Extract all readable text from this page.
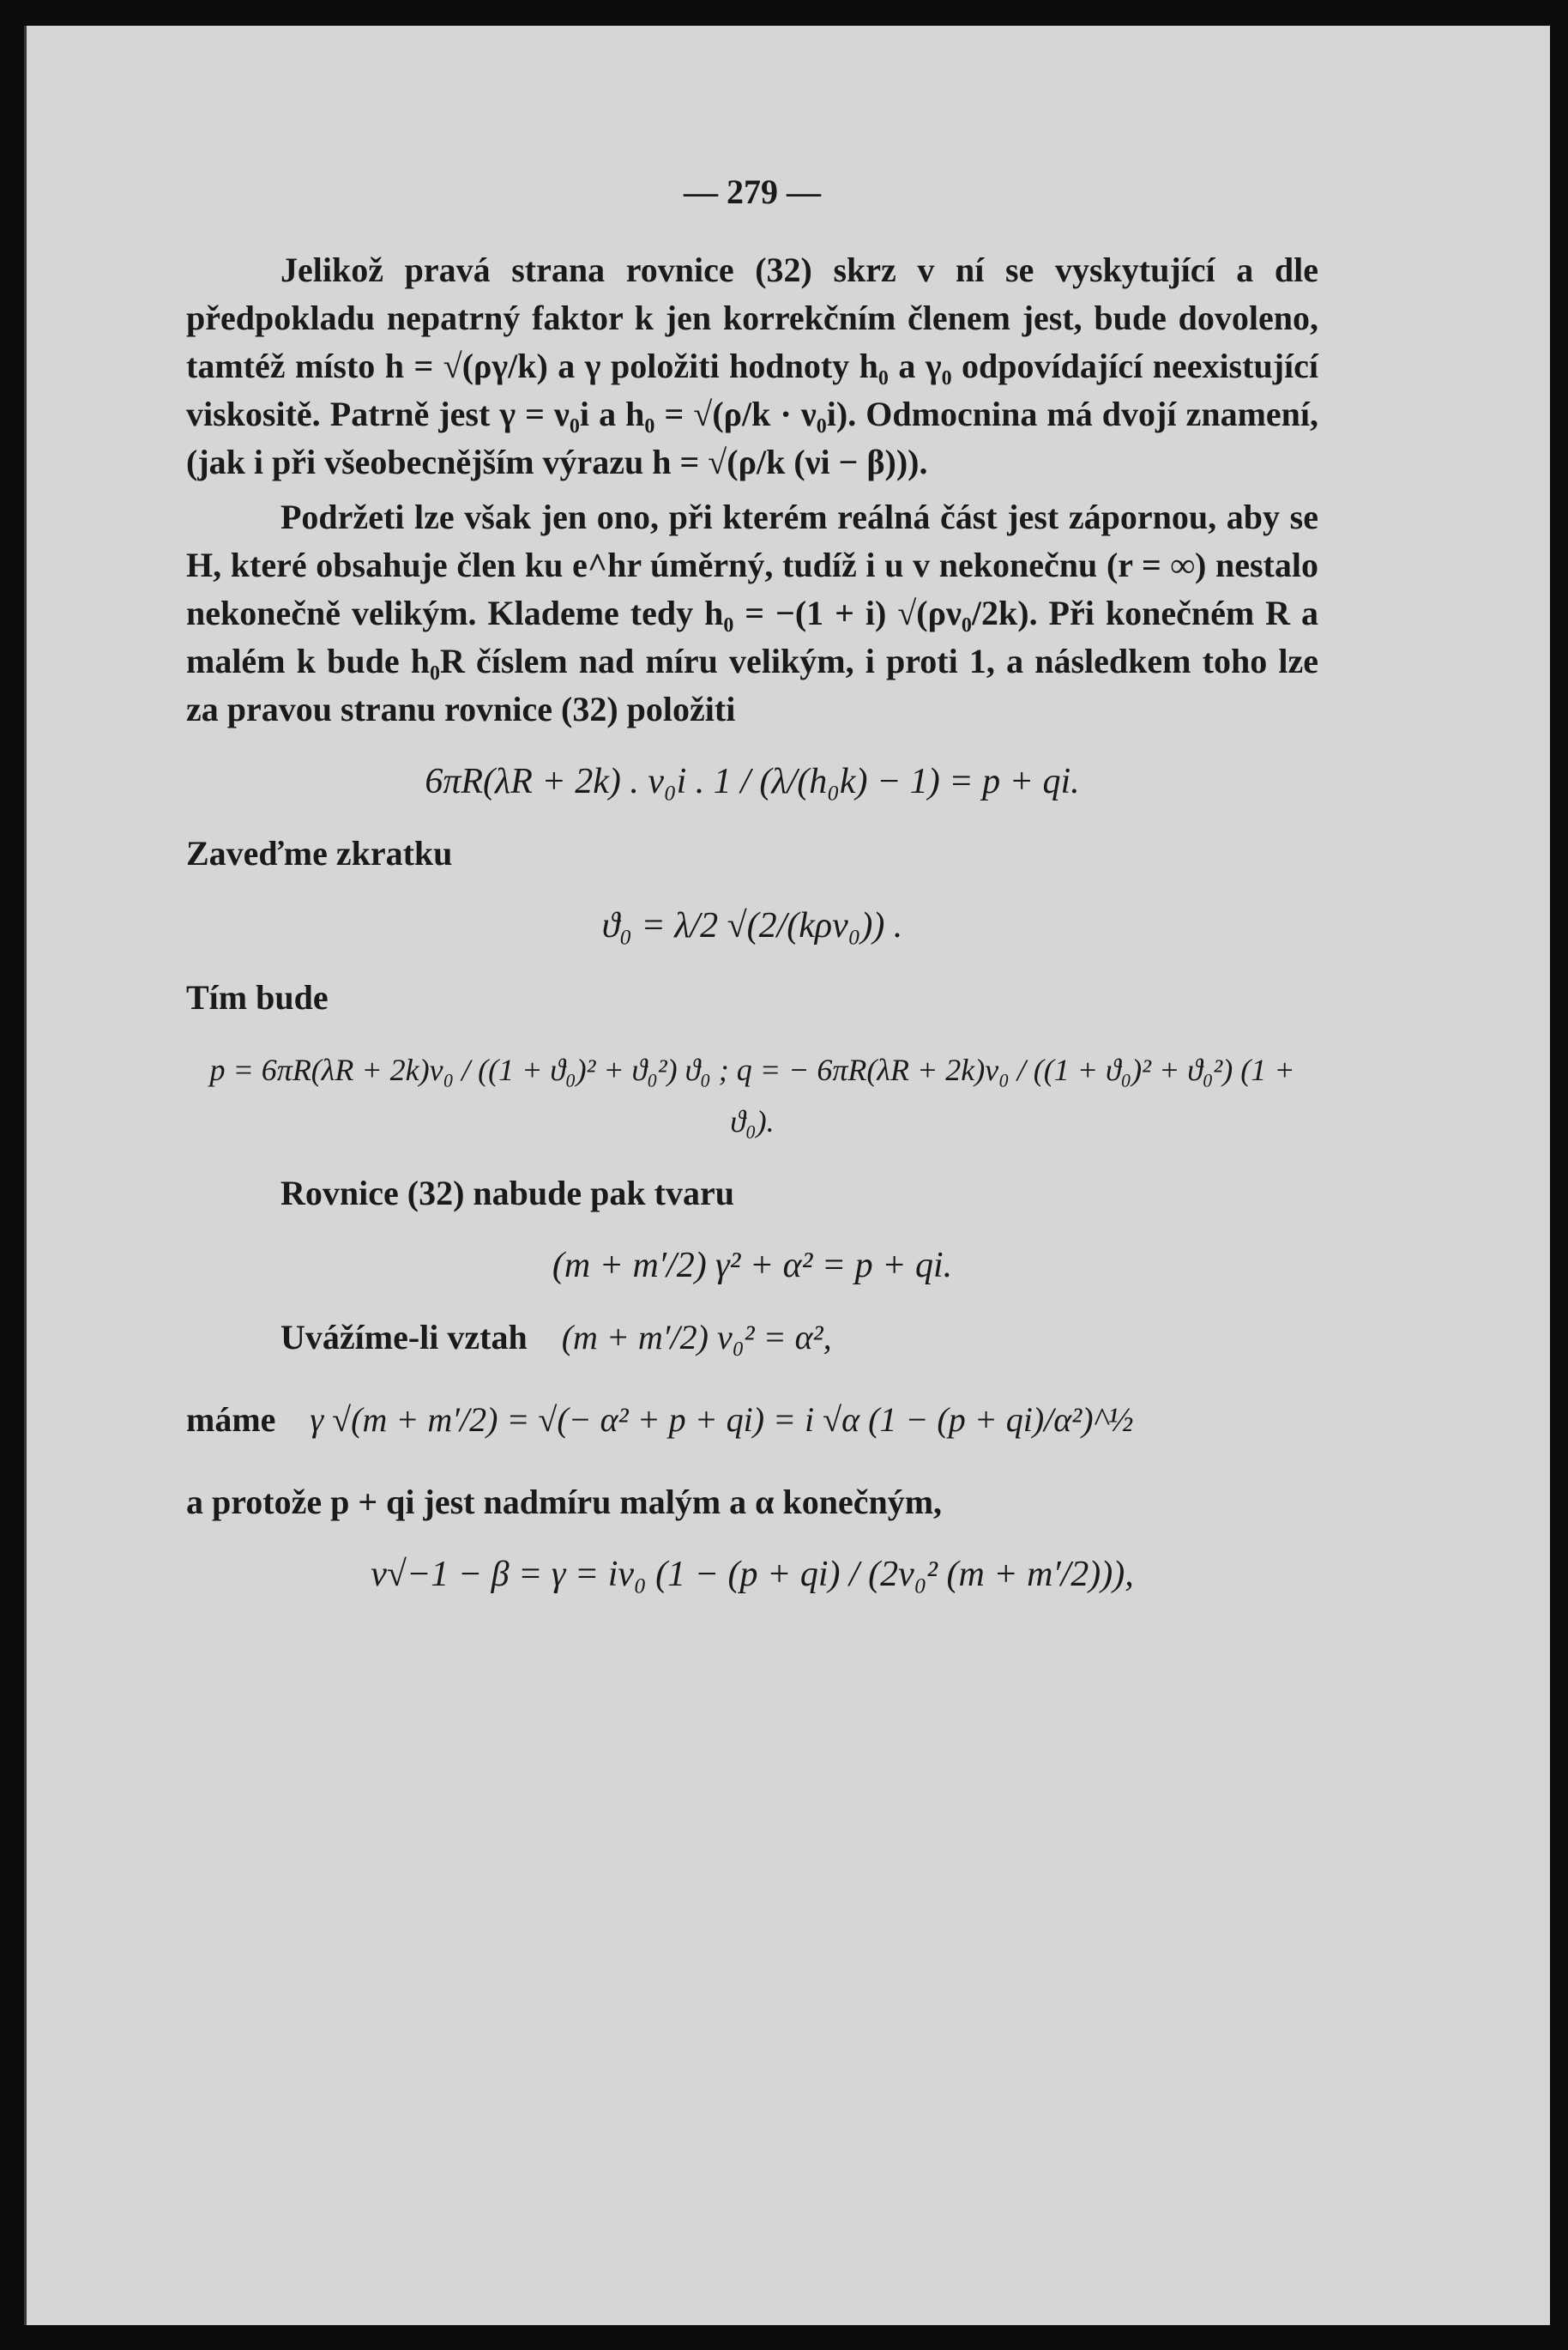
— 279 —

Jelikož pravá strana rovnice (32) skrz v ní se vyskytující a dle předpokladu nepatrný faktor k jen korrekčním členem jest, bude dovoleno, tamtéž místo h = √(ργ/k) a γ položiti hodnoty h₀ a γ₀ odpovídající neexistující viskositě. Patrně jest γ = ν₀i a h₀ = √(ρ/k · ν₀i). Odmocnina má dvojí znamení, (jak i při všeobecnějším výrazu h = √(ρ/k (νi − β))).

Podržeti lze však jen ono, při kterém reálná část jest zápornou, aby se H, které obsahuje člen ku e^hr úměrný, tudíž i u v nekonečnu (r = ∞) nestalo nekonečně velikým. Klademe tedy h₀ = −(1 + i) √(ρν₀/2k). Při konečném R a malém k bude h₀R číslem nad míru velikým, i proti 1, a následkem toho lze za pravou stranu rovnice (32) položiti

6πR(λR + 2k) . ν₀i . 1 / (λ/(h₀k) − 1) = p + qi.
Zaveďme zkratku
ϑ₀ = λ/2 √(2/(kρν₀)) .
Tím bude
p = 6πR(λR + 2k)ν₀ / ((1 + ϑ₀)² + ϑ₀²) ϑ₀ ; q = − 6πR(λR + 2k)ν₀ / ((1 + ϑ₀)² + ϑ₀²) (1 + ϑ₀).
Rovnice (32) nabude pak tvaru
(m + m′/2) γ² + α² = p + qi.
Uvážíme-li vztah (m + m′/2) ν₀² = α²,
máme γ √(m + m′/2) = √(− α² + p + qi) = i √α (1 − (p + qi)/α²)^½
a protože p + qi jest nadmíru malým a α konečným,
ν√−1 − β = γ = iν₀ (1 − (p + qi) / (2ν₀² (m + m′/2))),
